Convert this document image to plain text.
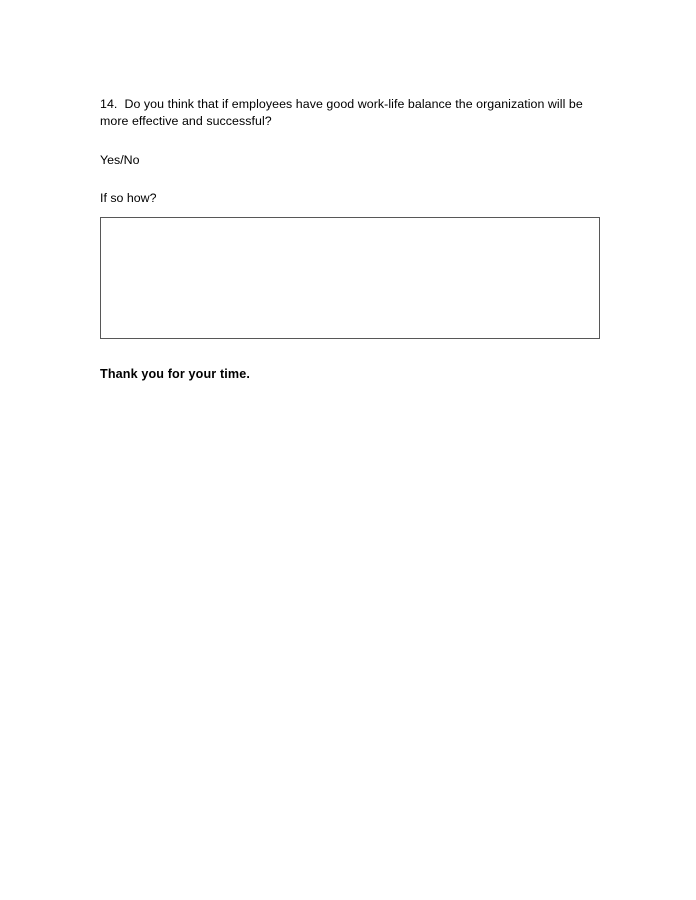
14. Do you think that if employees have good work-life balance the organization will be more effective and successful?

Yes/No

If so how?

Thank you for your time.
